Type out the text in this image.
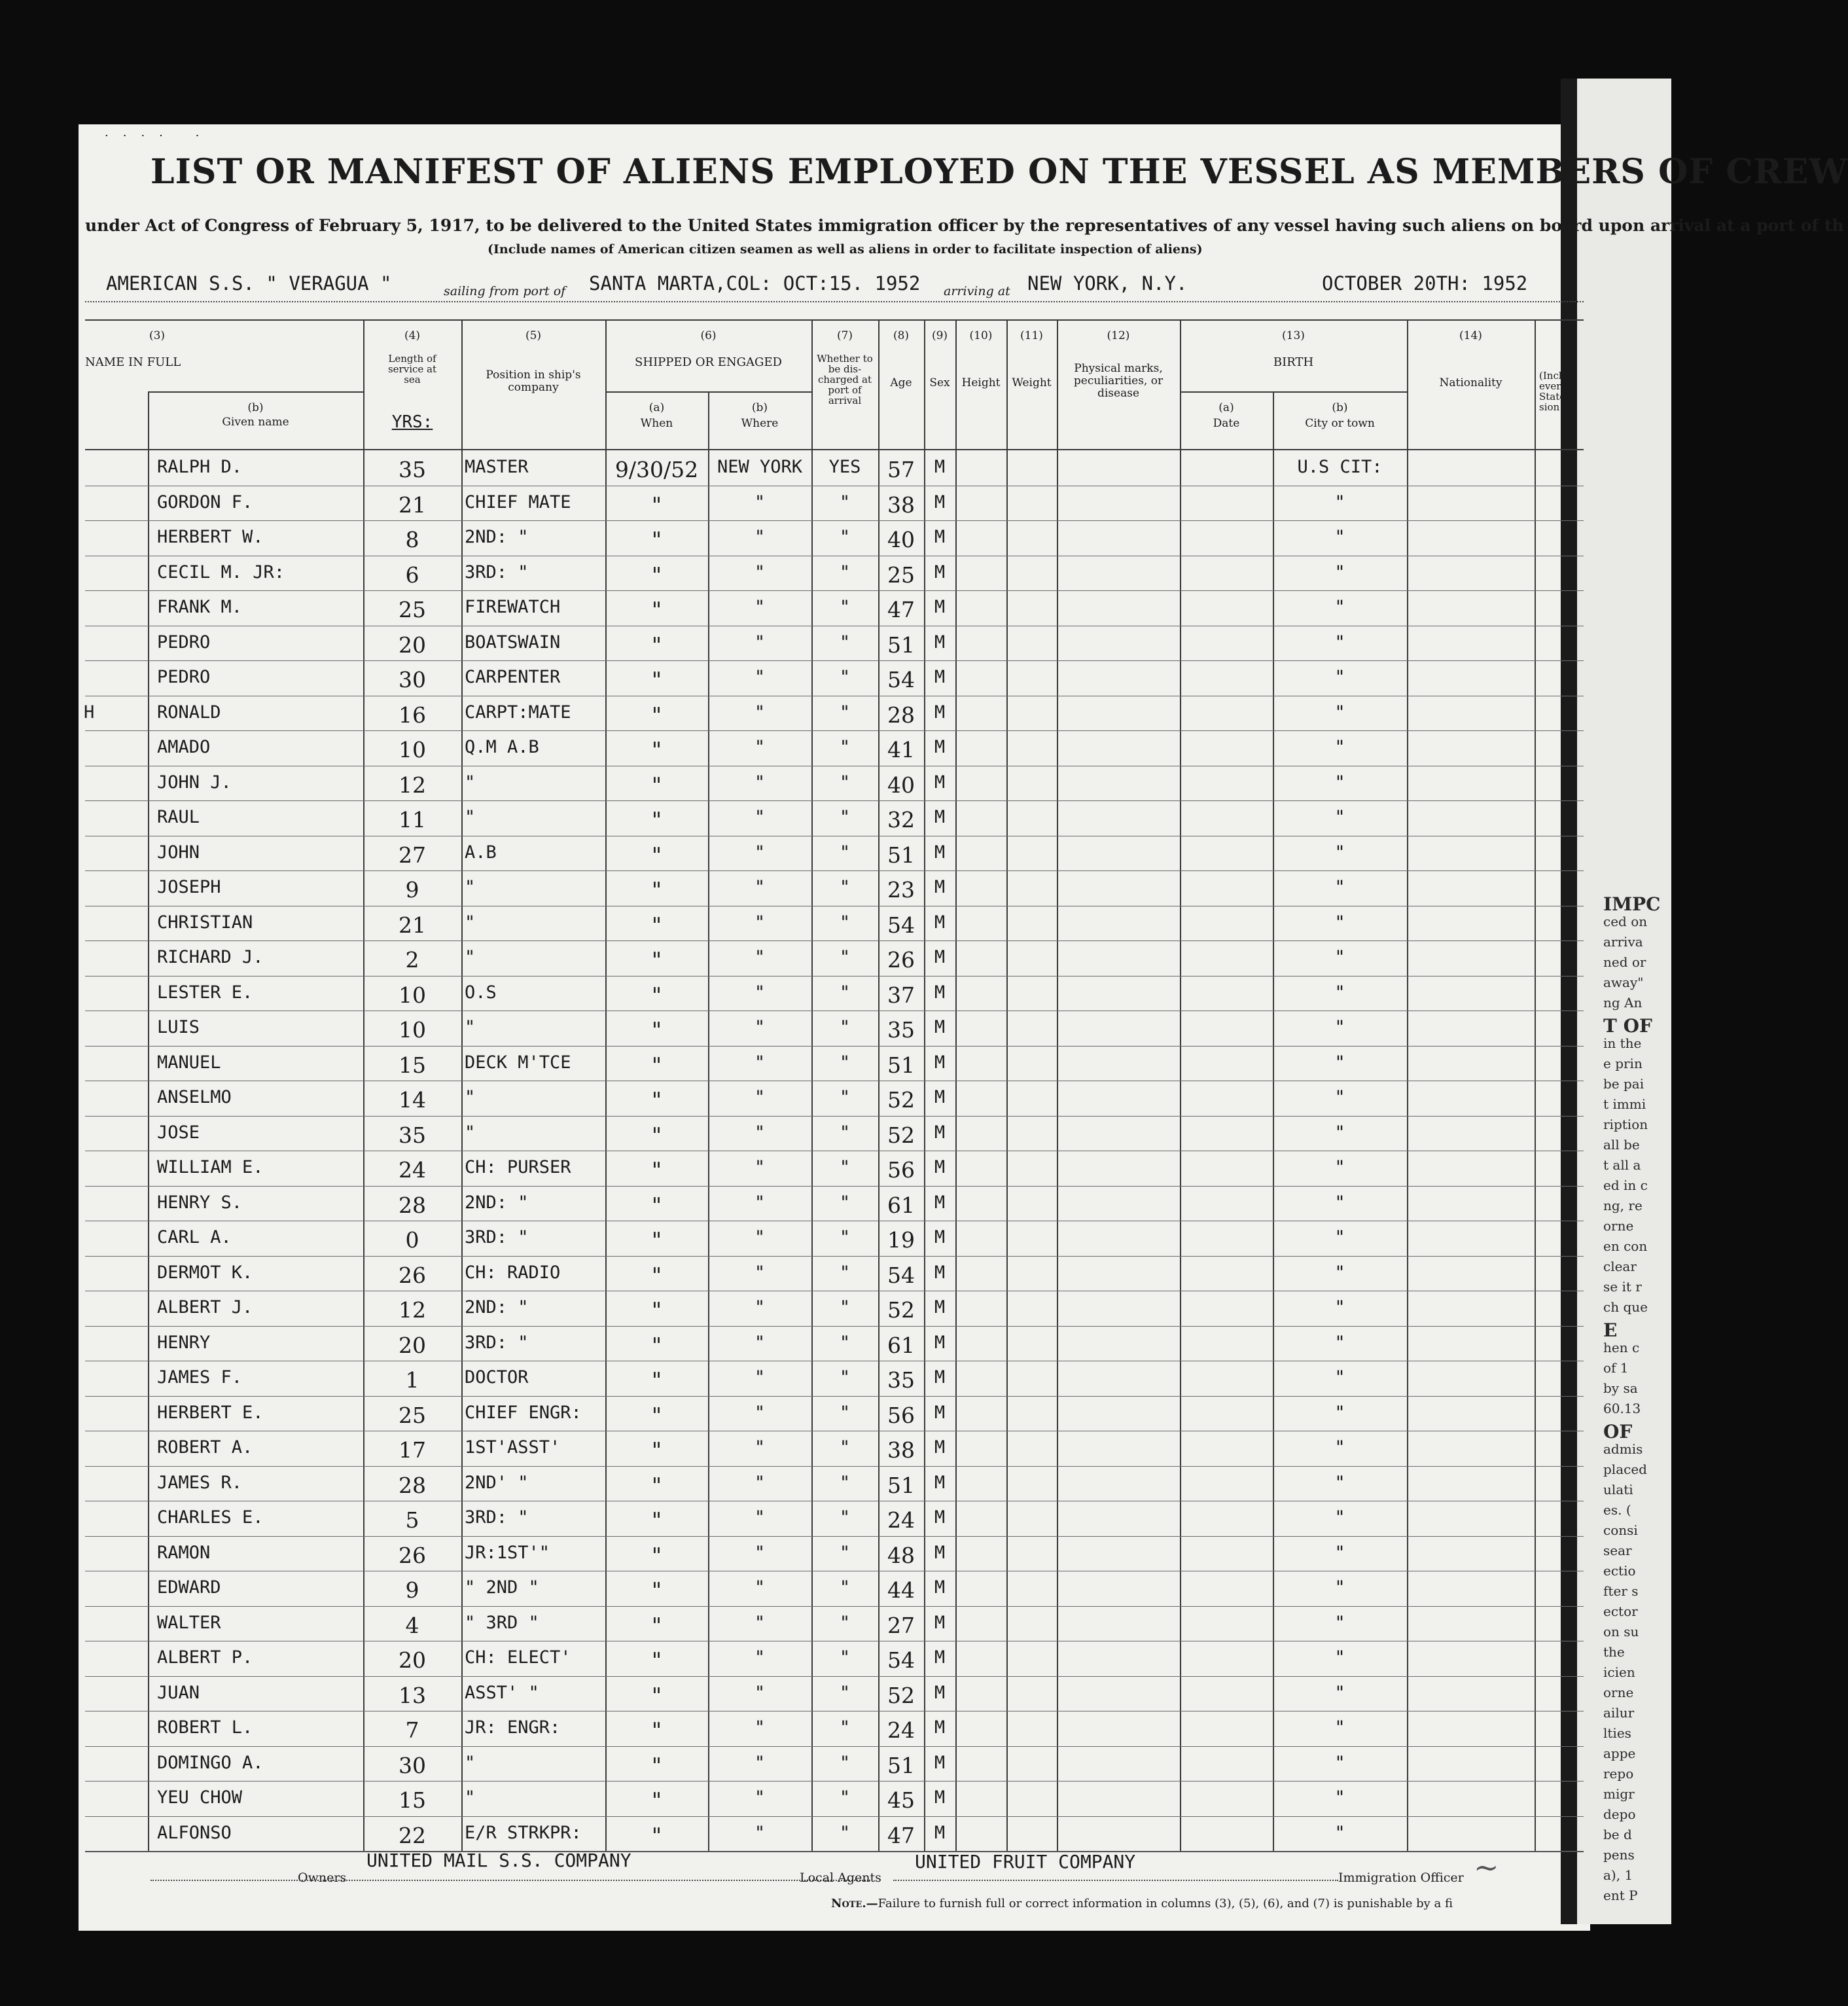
IMPC
ced on
arriva
ned or
away"
ng An
T OF
in the
e prin
be pai
t immi
ription
all be
t all a
ed in c
ng, re
orne
en con
clear
se it r
ch que
E
hen c
of 1
by sa
60.13
OF
admis
placed
ulati
es. (
consi
sear
ectio
fter s
ector
on su
the
icien
orne
ailur
lties
appe
repo
migr
depo
be d
pens
a), 1
ent P
.... .
LIST OR MANIFEST OF ALIENS EMPLOYED ON THE VESSEL AS MEMBERS OF CREW
under Act of Congress of February 5, 1917, to be delivered to the United States immigration officer by the representatives of any vessel having such aliens on board upon arrival at a port of th
(Include names of American citizen seamen as well as aliens in order to facilitate inspection of aliens)
AMERICAN S.S. " VERAGUA "	sailing from port of SANTA MARTA,COL: OCT:15. 1952 arriving at NEW YORK, N.Y.	OCTOBER 20TH: 1952
(3)
NAME IN FULL
(b)
Given name
(4)
Length of service at sea
YRS:
(5)
Position in ship's company
(6)
SHIPPED OR ENGAGED
(a)
When
(b)
Where
(7)
Whether to be dis- charged at port of arrival
(8)
Age
(9)
Sex
(10)
Height
(11)
Weight
(12)
Physical marks, peculiarities, or disease
(13)
BIRTH
(a)
Date
(b)
City or town
(14)
Nationality
(Inclu ever State sion
RALPH D.	35	MASTER	9/30/52	NEW YORK	YES	57	M	U.S CIT:
GORDON F.	21	CHIEF MATE	"	"	"	38	M	"
HERBERT W.	8	2ND: "	"	"	"	40	M	"
CECIL M. JR:	6	3RD: "	"	"	"	25	M	"
FRANK M.	25	FIREWATCH	"	"	"	47	M	"
PEDRO	20	BOATSWAIN	"	"	"	51	M	"
PEDRO	30	CARPENTER	"	"	"	54	M	"
H	RONALD	16	CARPT:MATE	"	"	"	28	M	"
AMADO	10	Q.M A.B	"	"	"	41	M	"
JOHN J.	12	"	"	"	"	40	M	"
RAUL	11	"	"	"	"	32	M	"
JOHN	27	A.B	"	"	"	51	M	"
JOSEPH	9	"	"	"	"	23	M	"
CHRISTIAN	21	"	"	"	"	54	M	"
RICHARD J.	2	"	"	"	"	26	M	"
LESTER E.	10	O.S	"	"	"	37	M	"
LUIS	10	"	"	"	"	35	M	"
MANUEL	15	DECK M'TCE	"	"	"	51	M	"
ANSELMO	14	"	"	"	"	52	M	"
JOSE	35	"	"	"	"	52	M	"
WILLIAM E.	24	CH: PURSER	"	"	"	56	M	"
HENRY S.	28	2ND: "	"	"	"	61	M	"
CARL A.	0	3RD: "	"	"	"	19	M	"
DERMOT K.	26	CH: RADIO	"	"	"	54	M	"
ALBERT J.	12	2ND: "	"	"	"	52	M	"
HENRY	20	3RD: "	"	"	"	61	M	"
JAMES F.	1	DOCTOR	"	"	"	35	M	"
HERBERT E.	25	CHIEF ENGR:	"	"	"	56	M	"
ROBERT A.	17	1ST'ASST'	"	"	"	38	M	"
JAMES R.	28	2ND' "	"	"	"	51	M	"
CHARLES E.	5	3RD: "	"	"	"	24	M	"
RAMON	26	JR:1ST'"	"	"	"	48	M	"
EDWARD	9	" 2ND "	"	"	"	44	M	"
WALTER	4	" 3RD "	"	"	"	27	M	"
ALBERT P.	20	CH: ELECT'	"	"	"	54	M	"
JUAN	13	ASST' "	"	"	"	52	M	"
ROBERT L.	7	JR: ENGR:	"	"	"	24	M	"
DOMINGO A.	30	"	"	"	"	51	M	"
YEU CHOW	15	"	"	"	"	45	M	"
ALFONSO	22	E/R STRKPR:	"	"	"	47	M	"
Owners
UNITED MAIL S.S. COMPANY
Local Agents
UNITED FRUIT COMPANY
Immigration Officer ~
Note.—Failure to furnish full or correct information in columns (3), (5), (6), and (7) is punishable by a fi
